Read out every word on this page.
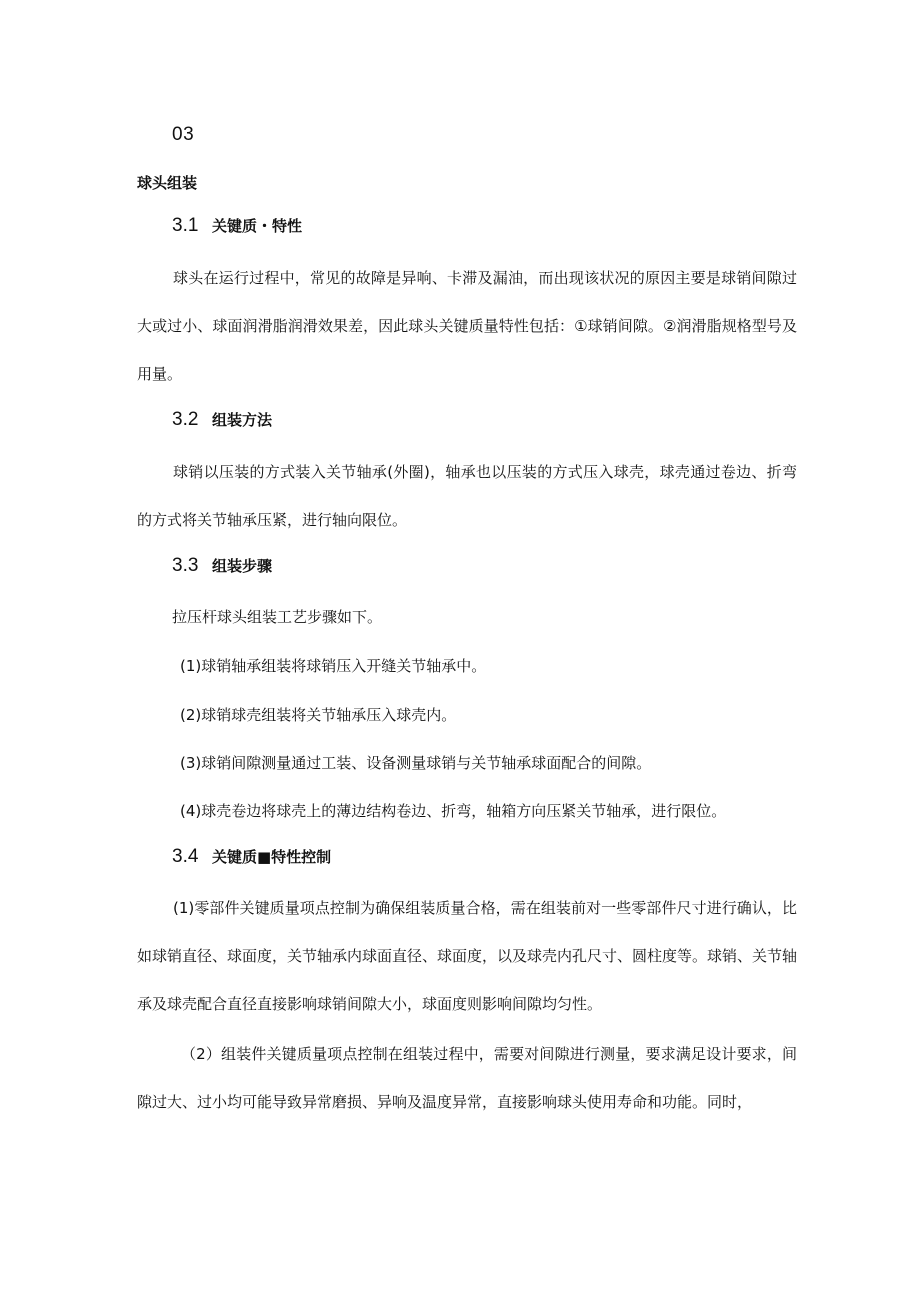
03
球头组装
3.1 关键质・特性

球头在运行过程中，常见的故障是异响、卡滞及漏油，而出现该状况的原因主要是球销间隙过大或过小、球面润滑脂润滑效果差，因此球头关键质量特性包括：①球销间隙。②润滑脂规格型号及用量。

3.2 组装方法

球销以压装的方式装入关节轴承(外圈)，轴承也以压装的方式压入球壳，球壳通过卷边、折弯的方式将关节轴承压紧，进行轴向限位。

3.3 组装步骤
拉压杆球头组装工艺步骤如下。
(1)球销轴承组装将球销压入开缝关节轴承中。
(2)球销球壳组装将关节轴承压入球壳内。
(3)球销间隙测量通过工装、设备测量球销与关节轴承球面配合的间隙。
(4)球壳卷边将球壳上的薄边结构卷边、折弯，轴箱方向压紧关节轴承，进行限位。
3.4 关键质■特性控制

(1)零部件关键质量项点控制为确保组装质量合格，需在组装前对一些零部件尺寸进行确认，比如球销直径、球面度，关节轴承内球面直径、球面度，以及球壳内孔尺寸、圆柱度等。球销、关节轴承及球壳配合直径直接影响球销间隙大小，球面度则影响间隙均匀性。

（2）组装件关键质量项点控制在组装过程中，需要对间隙进行测量，要求满足设计要求，间隙过大、过小均可能导致异常磨损、异响及温度异常，直接影响球头使用寿命和功能。同时，
